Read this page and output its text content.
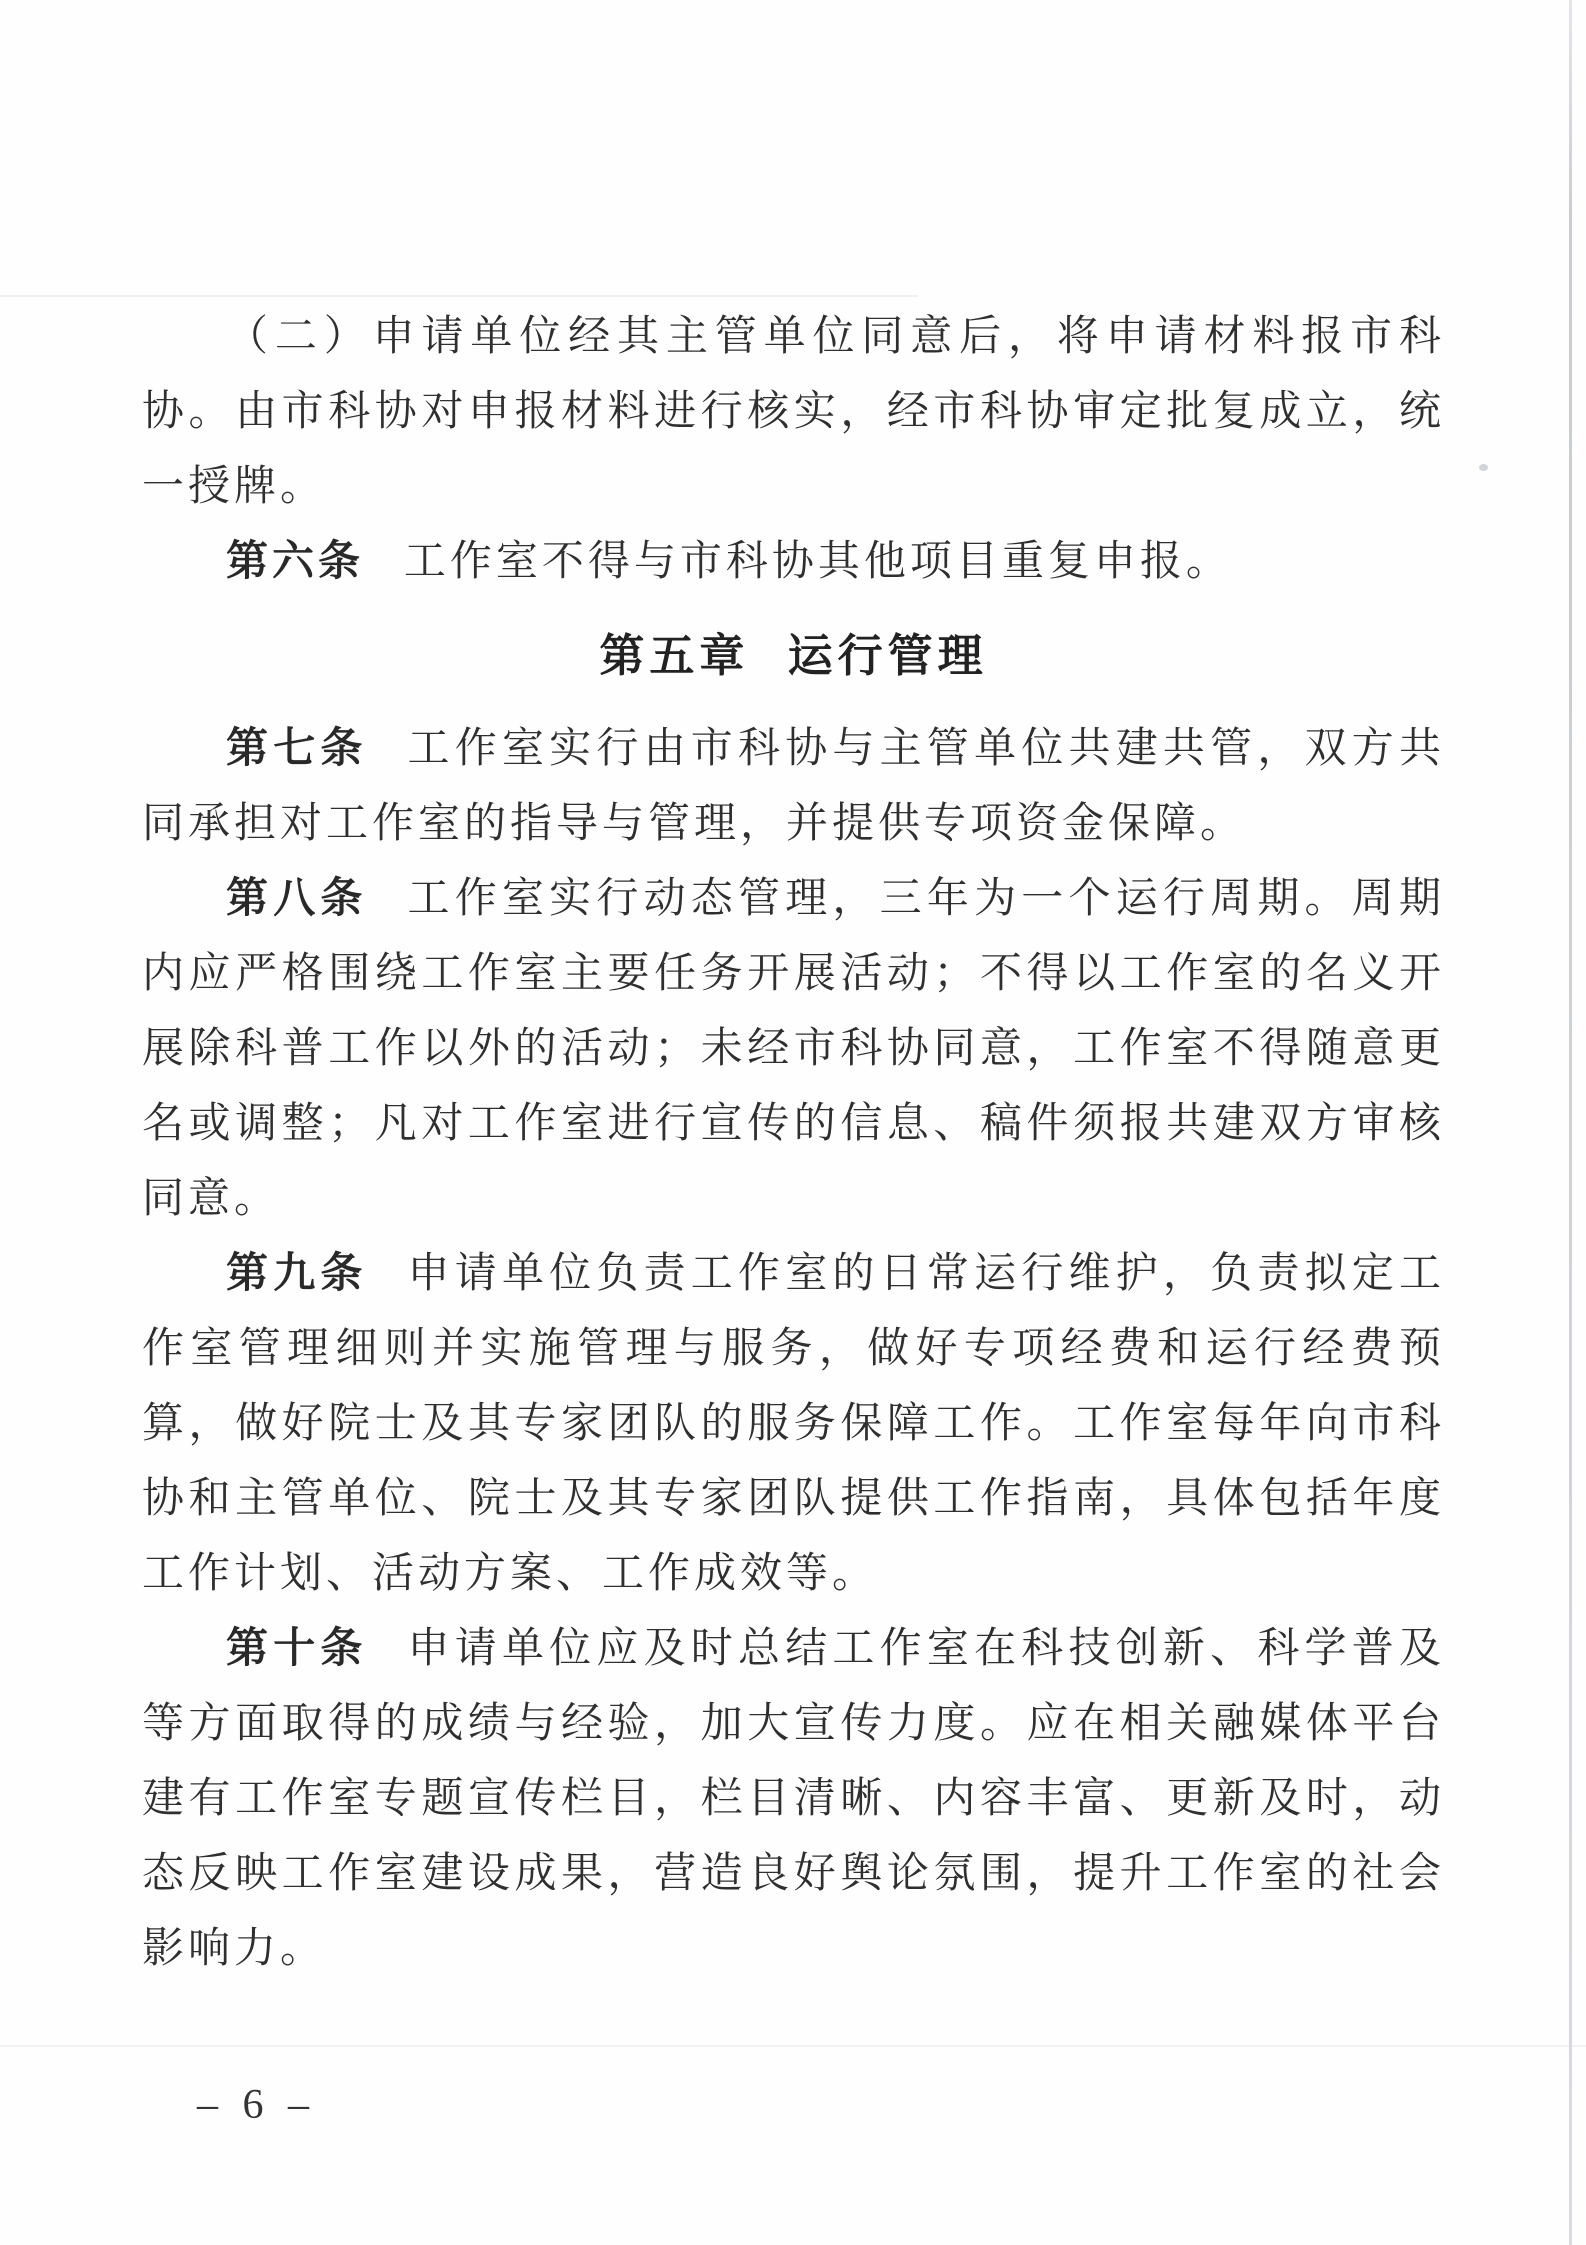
（二）申请单位经其主管单位同意后，将申请材料报市科协。由市科协对申报材料进行核实，经市科协审定批复成立，统一授牌。

第六条 工作室不得与市科协其他项目重复申报。

第五章 运行管理

第七条 工作室实行由市科协与主管单位共建共管，双方共同承担对工作室的指导与管理，并提供专项资金保障。

第八条 工作室实行动态管理，三年为一个运行周期。周期内应严格围绕工作室主要任务开展活动；不得以工作室的名义开展除科普工作以外的活动；未经市科协同意，工作室不得随意更名或调整；凡对工作室进行宣传的信息、稿件须报共建双方审核同意。

第九条 申请单位负责工作室的日常运行维护，负责拟定工作室管理细则并实施管理与服务，做好专项经费和运行经费预算，做好院士及其专家团队的服务保障工作。工作室每年向市科协和主管单位、院士及其专家团队提供工作指南，具体包括年度工作计划、活动方案、工作成效等。

第十条 申请单位应及时总结工作室在科技创新、科学普及等方面取得的成绩与经验，加大宣传力度。应在相关融媒体平台建有工作室专题宣传栏目，栏目清晰、内容丰富、更新及时，动态反映工作室建设成果，营造良好舆论氛围，提升工作室的社会影响力。

– 6 –
